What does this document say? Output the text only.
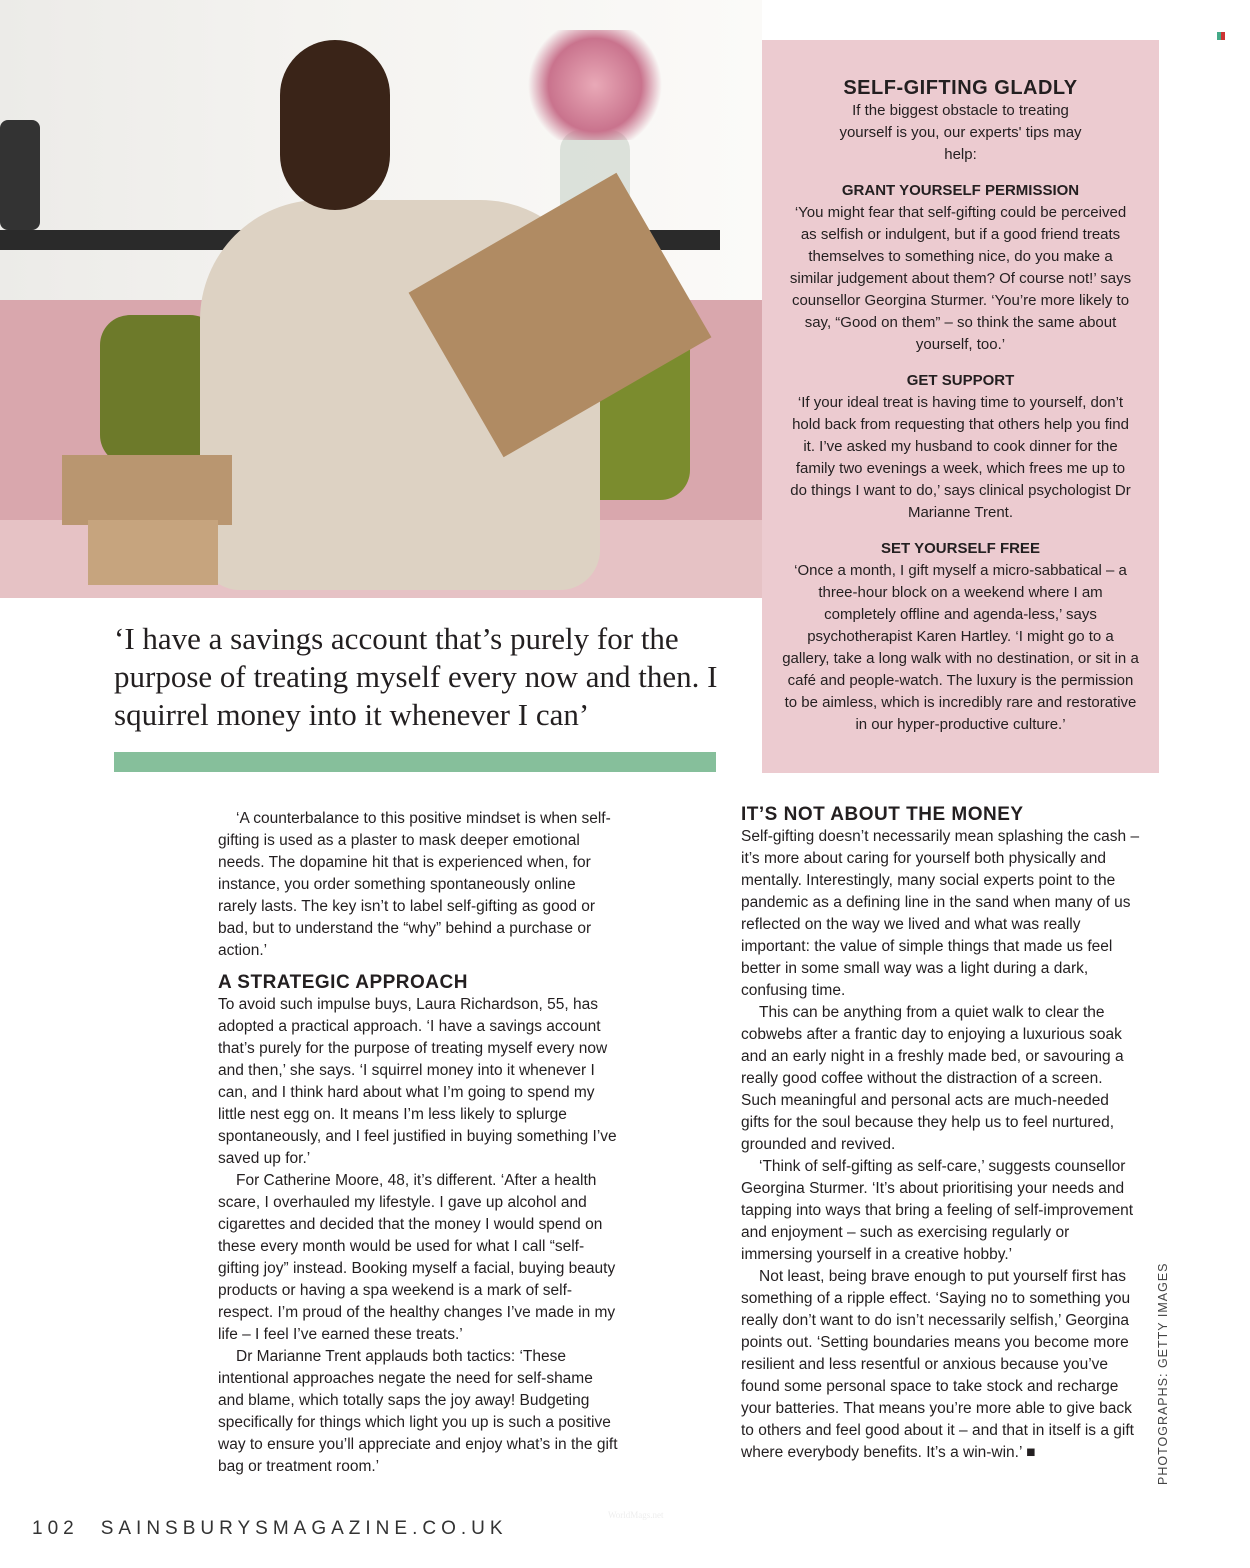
SELF-GIFTING GLADLY

If the biggest obstacle to treating yourself is you, our experts' tips may help:

GRANT YOURSELF PERMISSION

‘You might fear that self-gifting could be perceived as selfish or indulgent, but if a good friend treats themselves to something nice, do you make a similar judgement about them? Of course not!’ says counsellor Georgina Sturmer. ‘You’re more likely to say, “Good on them” – so think the same about yourself, too.’

GET SUPPORT

‘If your ideal treat is having time to yourself, don’t hold back from requesting that others help you find it. I’ve asked my husband to cook dinner for the family two evenings a week, which frees me up to do things I want to do,’ says clinical psychologist Dr Marianne Trent.

SET YOURSELF FREE

‘Once a month, I gift myself a micro-sabbatical – a three-hour block on a weekend where I am completely offline and agenda-less,’ says psychotherapist Karen Hartley. ‘I might go to a gallery, take a long walk with no destination, or sit in a café and people-watch. The luxury is the permission to be aimless, which is incredibly rare and restorative in our hyper-productive culture.’

‘I have a savings account that’s purely for the purpose of treating myself every now and then. I squirrel money into it whenever I can’

‘A counterbalance to this positive mindset is when self-gifting is used as a plaster to mask deeper emotional needs. The dopamine hit that is experienced when, for instance, you order something spontaneously online rarely lasts. The key isn’t to label self-gifting as good or bad, but to understand the “why” behind a purchase or action.’

A STRATEGIC APPROACH

To avoid such impulse buys, Laura Richardson, 55, has adopted a practical approach. ‘I have a savings account that’s purely for the purpose of treating myself every now and then,’ she says. ‘I squirrel money into it whenever I can, and I think hard about what I’m going to spend my little nest egg on. It means I’m less likely to splurge spontaneously, and I feel justified in buying something I’ve saved up for.’

For Catherine Moore, 48, it’s different. ‘After a health scare, I overhauled my lifestyle. I gave up alcohol and cigarettes and decided that the money I would spend on these every month would be used for what I call “self-gifting joy” instead. Booking myself a facial, buying beauty products or having a spa weekend is a mark of self-respect. I’m proud of the healthy changes I’ve made in my life – I feel I’ve earned these treats.’

Dr Marianne Trent applauds both tactics: ‘These intentional approaches negate the need for self-shame and blame, which totally saps the joy away! Budgeting specifically for things which light you up is such a positive way to ensure you’ll appreciate and enjoy what’s in the gift bag or treatment room.’

IT’S NOT ABOUT THE MONEY

Self-gifting doesn’t necessarily mean splashing the cash – it’s more about caring for yourself both physically and mentally. Interestingly, many social experts point to the pandemic as a defining line in the sand when many of us reflected on the way we lived and what was really important: the value of simple things that made us feel better in some small way was a light during a dark, confusing time.

This can be anything from a quiet walk to clear the cobwebs after a frantic day to enjoying a luxurious soak and an early night in a freshly made bed, or savouring a really good coffee without the distraction of a screen. Such meaningful and personal acts are much-needed gifts for the soul because they help us to feel nurtured, grounded and revived.

‘Think of self-gifting as self-care,’ suggests counsellor Georgina Sturmer. ‘It’s about prioritising your needs and tapping into ways that bring a feeling of self-improvement and enjoyment – such as exercising regularly or immersing yourself in a creative hobby.’

Not least, being brave enough to put yourself first has something of a ripple effect. ‘Saying no to something you really don’t want to do isn’t necessarily selfish,’ Georgina points out. ‘Setting boundaries means you become more resilient and less resentful or anxious because you’ve found some personal space to take stock and recharge your batteries. That means you’re more able to give back to others and feel good about it – and that in itself is a gift where everybody benefits. It’s a win-win.’ ■	PHOTOGRAPHS: GETTY IMAGES
102 SAINSBURYSMAGAZINE.CO.UK
WorldMags.net
